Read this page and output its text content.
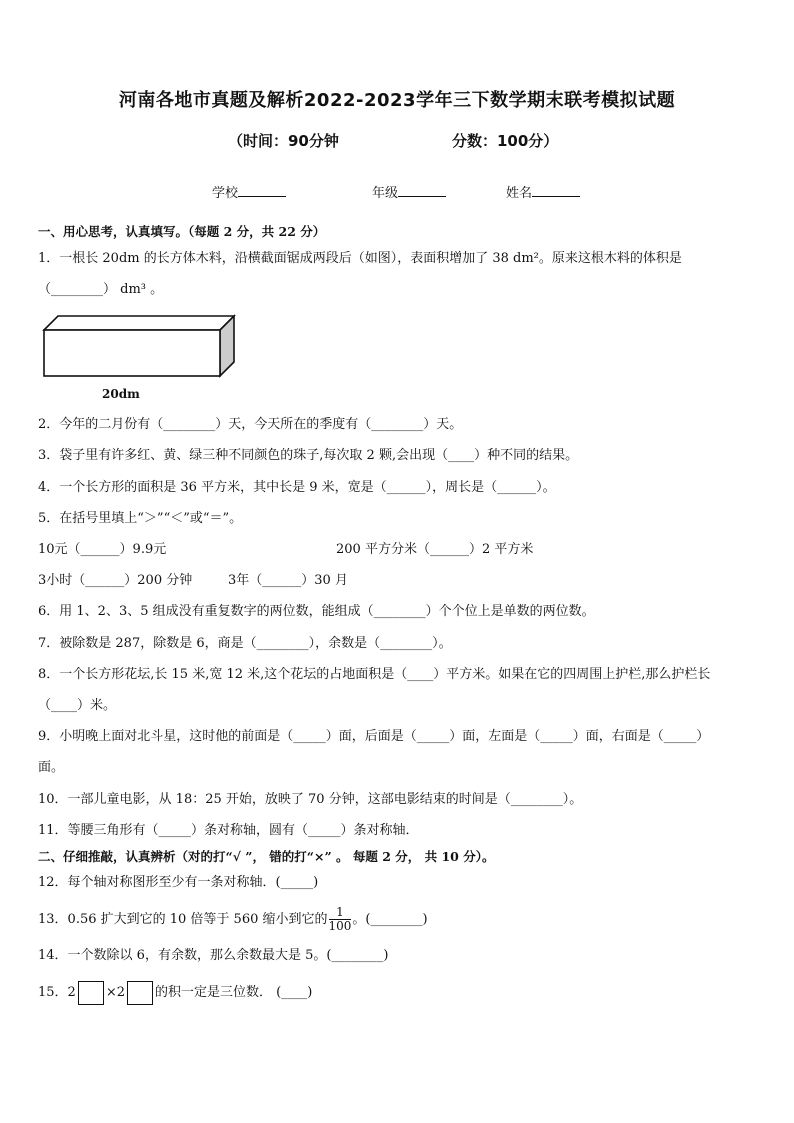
河南各地市真题及解析2022-2023学年三下数学期末联考模拟试题
（时间：90分钟	分数：100分）
学校	年级	姓名
一、用心思考，认真填写。（每题 2 分，共 22 分）
1．一根长 20dm 的长方体木料，沿横截面锯成两段后（如图），表面积增加了 38 dm²。原来这根木料的体积是
（________） dm³ 。
20dm
2．今年的二月份有（________）天，今天所在的季度有（________）天。
3．袋子里有许多红、黄、绿三种不同颜色的珠子,每次取 2 颗,会出现（____）种不同的结果。
4．一个长方形的面积是 36 平方米，其中长是 9 米，宽是（______），周长是（______）。
5．在括号里填上“＞”“＜”或“＝”。
10元（______）9.9元	200 平方分米（______）2 平方米
3小时（______）200 分钟	3年（______）30 月
6．用 1、2、3、5 组成没有重复数字的两位数，能组成（________）个个位上是单数的两位数。
7．被除数是 287，除数是 6，商是（________），余数是（________）。
8．一个长方形花坛,长 15 米,宽 12 米,这个花坛的占地面积是（____）平方米。如果在它的四周围上护栏,那么护栏长
（____）米。
9．小明晚上面对北斗星，这时他的前面是（_____）面，后面是（_____）面，左面是（_____）面，右面是（_____）
面。
10．一部儿童电影，从 18：25 开始，放映了 70 分钟，这部电影结束的时间是（________）。
11．等腰三角形有（_____）条对称轴，圆有（_____）条对称轴．
二、仔细推敲，认真辨析（对的打“√ ”， 错的打“×” 。 每题 2 分， 共 10 分）。
12．每个轴对称图形至少有一条对称轴．(_____)
13．0.56 扩大到它的 10 倍等于 560 缩小到它的 $\frac{1}{100}$ 。(________)
14．一个数除以 6，有余数，那么余数最大是 5。(________)
15．2 ×2 的积一定是三位数． (____)
